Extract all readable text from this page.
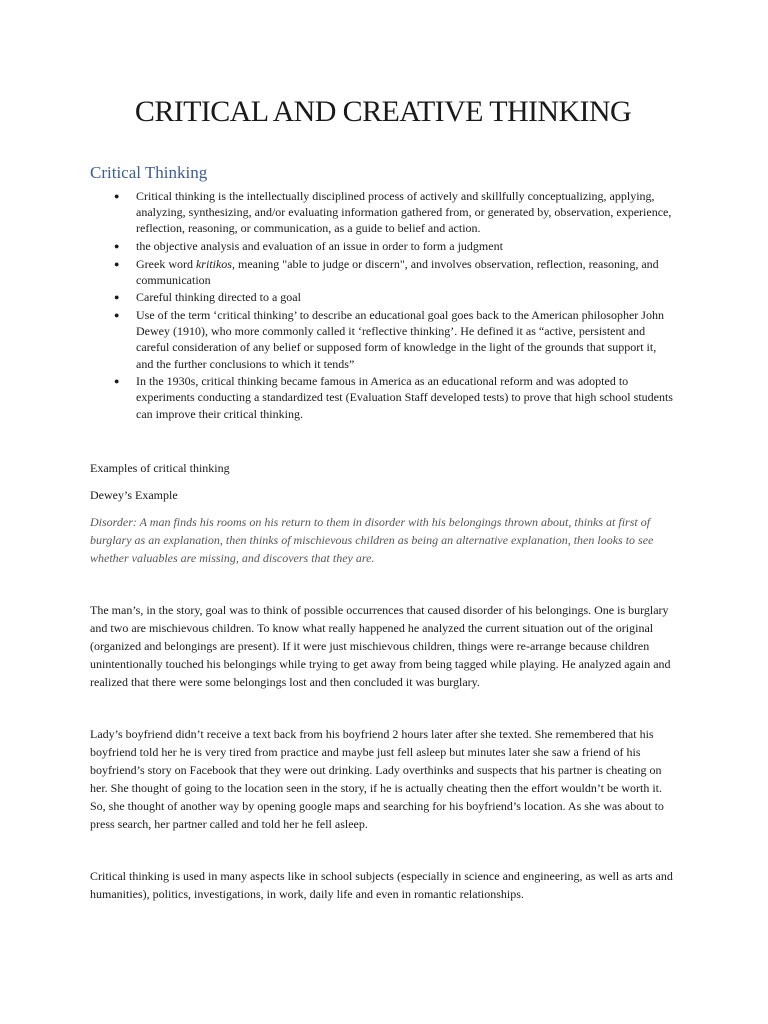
CRITICAL AND CREATIVE THINKING
Critical Thinking
● Critical thinking is the intellectually disciplined process of actively and skillfully conceptualizing, applying, analyzing, synthesizing, and/or evaluating information gathered from, or generated by, observation, experience, reflection, reasoning, or communication, as a guide to belief and action.
● the objective analysis and evaluation of an issue in order to form a judgment
● Greek word kritikos, meaning "able to judge or discern", and involves observation, reflection, reasoning, and communication
● Careful thinking directed to a goal
● Use of the term ‘critical thinking’ to describe an educational goal goes back to the American philosopher John Dewey (1910), who more commonly called it ‘reflective thinking’. He defined it as “active, persistent and careful consideration of any belief or supposed form of knowledge in the light of the grounds that support it, and the further conclusions to which it tends”
● In the 1930s, critical thinking became famous in America as an educational reform and was adopted to experiments conducting a standardized test (Evaluation Staff developed tests) to prove that high school students can improve their critical thinking.

Examples of critical thinking

Dewey’s Example

Disorder: A man finds his rooms on his return to them in disorder with his belongings thrown about, thinks at first of burglary as an explanation, then thinks of mischievous children as being an alternative explanation, then looks to see whether valuables are missing, and discovers that they are.

The man’s, in the story, goal was to think of possible occurrences that caused disorder of his belongings. One is burglary and two are mischievous children. To know what really happened he analyzed the current situation out of the original (organized and belongings are present). If it were just mischievous children, things were re-arrange because children unintentionally touched his belongings while trying to get away from being tagged while playing. He analyzed again and realized that there were some belongings lost and then concluded it was burglary.

Lady’s boyfriend didn’t receive a text back from his boyfriend 2 hours later after she texted. She remembered that his boyfriend told her he is very tired from practice and maybe just fell asleep but minutes later she saw a friend of his boyfriend’s story on Facebook that they were out drinking. Lady overthinks and suspects that his partner is cheating on her. She thought of going to the location seen in the story, if he is actually cheating then the effort wouldn’t be worth it. So, she thought of another way by opening google maps and searching for his boyfriend’s location. As she was about to press search, her partner called and told her he fell asleep.

Critical thinking is used in many aspects like in school subjects (especially in science and engineering, as well as arts and humanities), politics, investigations, in work, daily life and even in romantic relationships.
